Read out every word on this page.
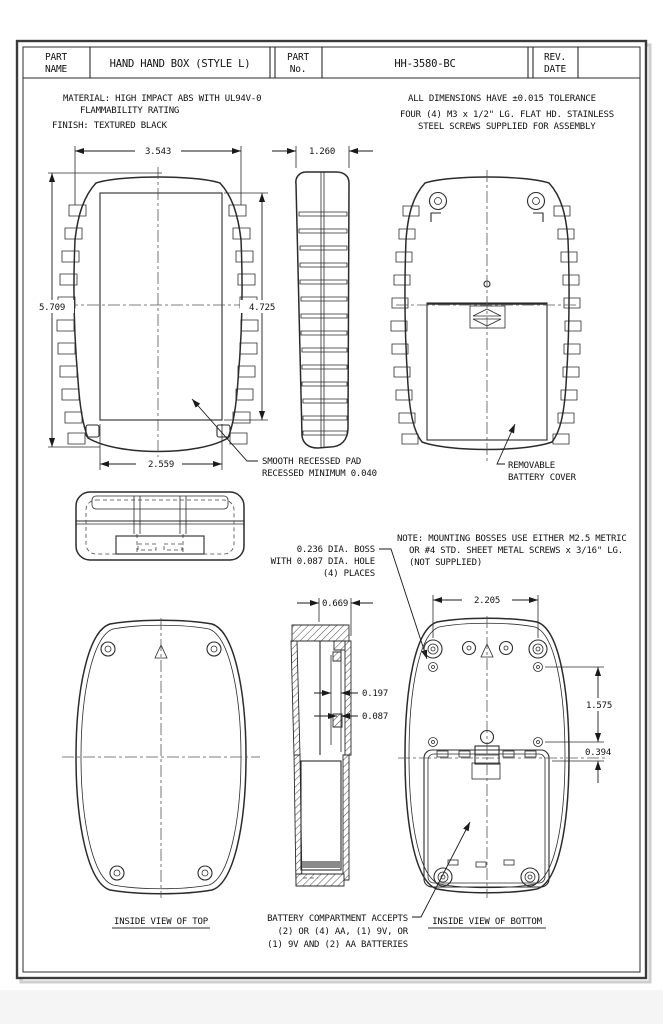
PART
NAME	HAND HAND BOX (STYLE L)
PART
No.	HH-3580-BC
REV.
DATE
MATERIAL: HIGH IMPACT ABS WITH UL94V-0
FLAMMABILITY RATING
FINISH: TEXTURED BLACK
ALL DIMENSIONS HAVE ±0.015 TOLERANCE
FOUR (4) M3 x 1/2" LG. FLAT HD. STAINLESS
STEEL SCREWS SUPPLIED FOR ASSEMBLY
3.543
5.709	4.725
2.559	SMOOTH RECESSED PAD
RECESSED MINIMUM 0.040
1.260
REMOVABLE
BATTERY COVER
NOTE: MOUNTING BOSSES USE EITHER M2.5 METRIC
OR #4 STD. SHEET METAL SCREWS x 3/16" LG.
(NOT SUPPLIED)
0.236 DIA. BOSS
WITH 0.087 DIA. HOLE
(4) PLACES
INSIDE VIEW OF TOP
0.669
0.197
0.087
2.205
1.575
0.394
INSIDE VIEW OF BOTTOM
BATTERY COMPARTMENT ACCEPTS
(2) OR (4) AA, (1) 9V, OR
(1) 9V AND (2) AA BATTERIES
